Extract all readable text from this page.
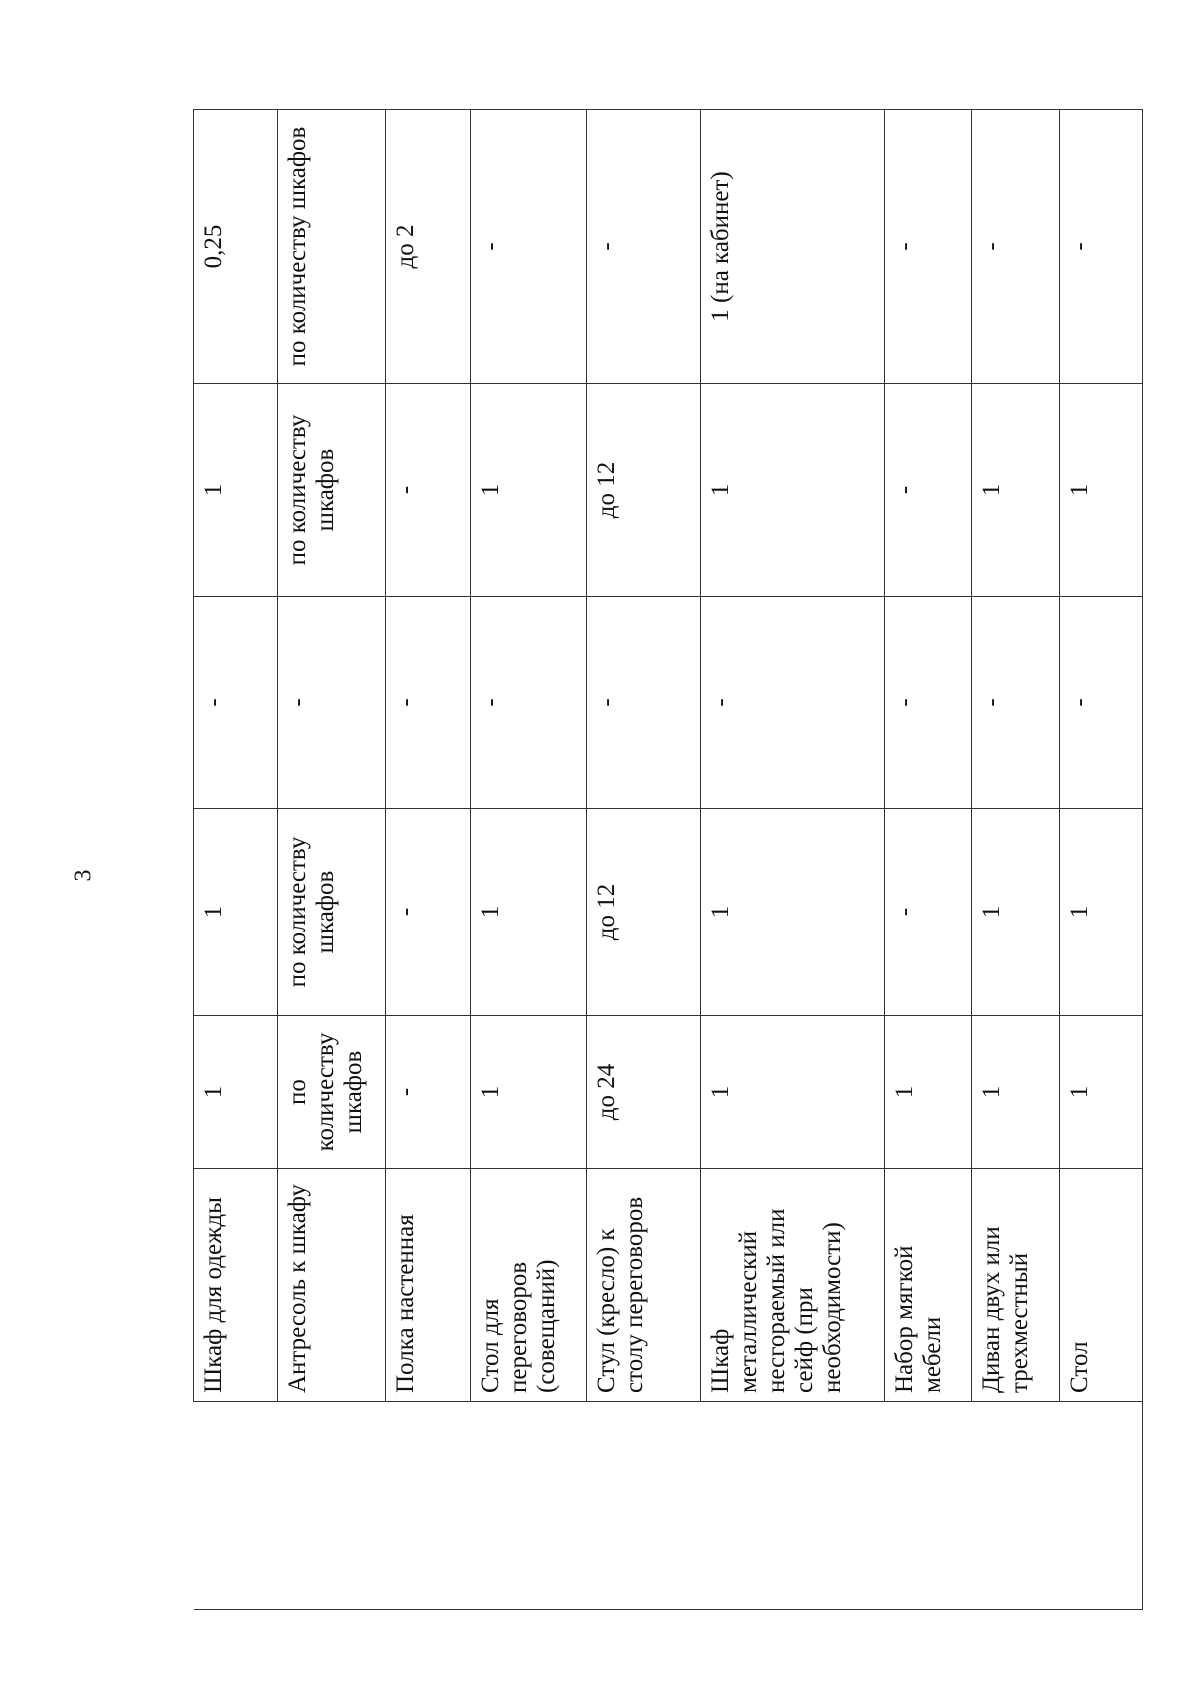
3
	Шкаф для одежды	1	1	-	1	0,25
	Антресоль к шкафу	по количеству шкафов	по количеству шкафов	-	по количеству шкафов	по количеству шкафов
	Полка настенная	-	-	-	-	до 2
	Стол для переговоров (совещаний)	1	1	-	1	-
	Стул (кресло) к столу переговоров	до 24	до 12	-	до 12	-
	Шкаф металлический несгораемый или сейф (при необходимости)	1	1	-	1	1 (на кабинет)
	Набор мягкой мебели	1	-	-	-	-
	Диван двух или трехместный	1	1	-	1	-
	Стол	1	1	-	1	-
